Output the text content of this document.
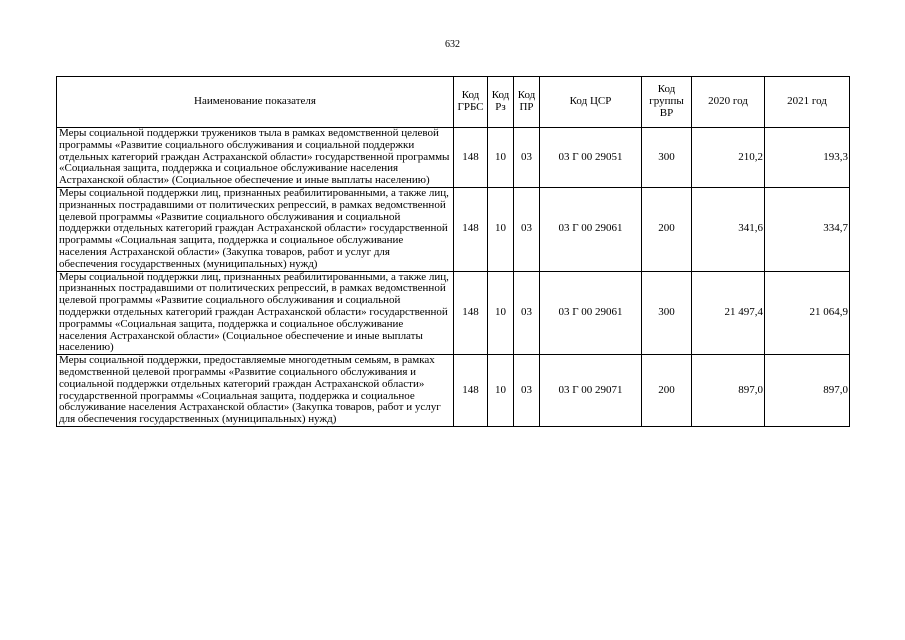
632
Наименование показателя	Код ГРБС	Код Рз	Код ПР	Код ЦСР	Код группы ВР	2020 год	2021 год
Меры социальной поддержки тружеников тыла в рамках ведомственной целевой программы «Развитие социального обслуживания и социальной поддержки отдельных категорий граждан Астраханской области» государственной программы «Социальная защита, поддержка и социальное обслуживание населения Астраханской области» (Социальное обеспечение и иные выплаты населению)	148	10	03	03 Г 00 29051	300	210,2	193,3
Меры социальной поддержки лиц, признанных реабилитированными, а также лиц, признанных пострадавшими от политических репрессий, в рамках ведомственной целевой программы «Развитие социального обслуживания и социальной поддержки отдельных категорий граждан Астраханской области» государственной программы «Социальная защита, поддержка и социальное обслуживание населения Астраханской области» (Закупка товаров, работ и услуг для обеспечения государственных (муниципальных) нужд)	148	10	03	03 Г 00 29061	200	341,6	334,7
Меры социальной поддержки лиц, признанных реабилитированными, а также лиц, признанных пострадавшими от политических репрессий, в рамках ведомственной целевой программы «Развитие социального обслуживания и социальной поддержки отдельных категорий граждан Астраханской области» государственной программы «Социальная защита, поддержка и социальное обслуживание населения Астраханской области» (Социальное обеспечение и иные выплаты населению)	148	10	03	03 Г 00 29061	300	21 497,4	21 064,9
Меры социальной поддержки, предоставляемые многодетным семьям, в рамках ведомственной целевой программы «Развитие социального обслуживания и социальной поддержки отдельных категорий граждан Астраханской области» государственной программы «Социальная защита, поддержка и социальное обслуживание населения Астраханской области» (Закупка товаров, работ и услуг для обеспечения государственных (муниципальных) нужд)	148	10	03	03 Г 00 29071	200	897,0	897,0
